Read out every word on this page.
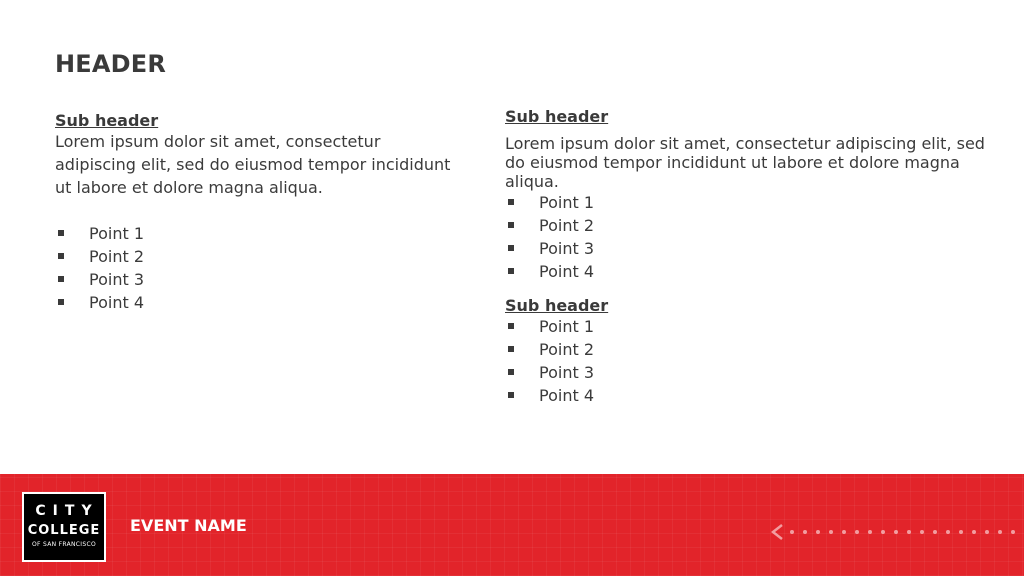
HEADER

Sub header

Lorem ipsum dolor sit amet, consectetur adipiscing elit, sed do eiusmod tempor incididunt ut labore et dolore magna aliqua.

Point 1
Point 2
Point 3
Point 4

Sub header

Lorem ipsum dolor sit amet, consectetur adipiscing elit, sed do eiusmod tempor incididunt ut labore et dolore magna aliqua.

Point 1
Point 2
Point 3
Point 4

Sub header

Point 1
Point 2
Point 3
Point 4
CITY
COLLEGE
OF SAN FRANCISCO
EVENT NAME
